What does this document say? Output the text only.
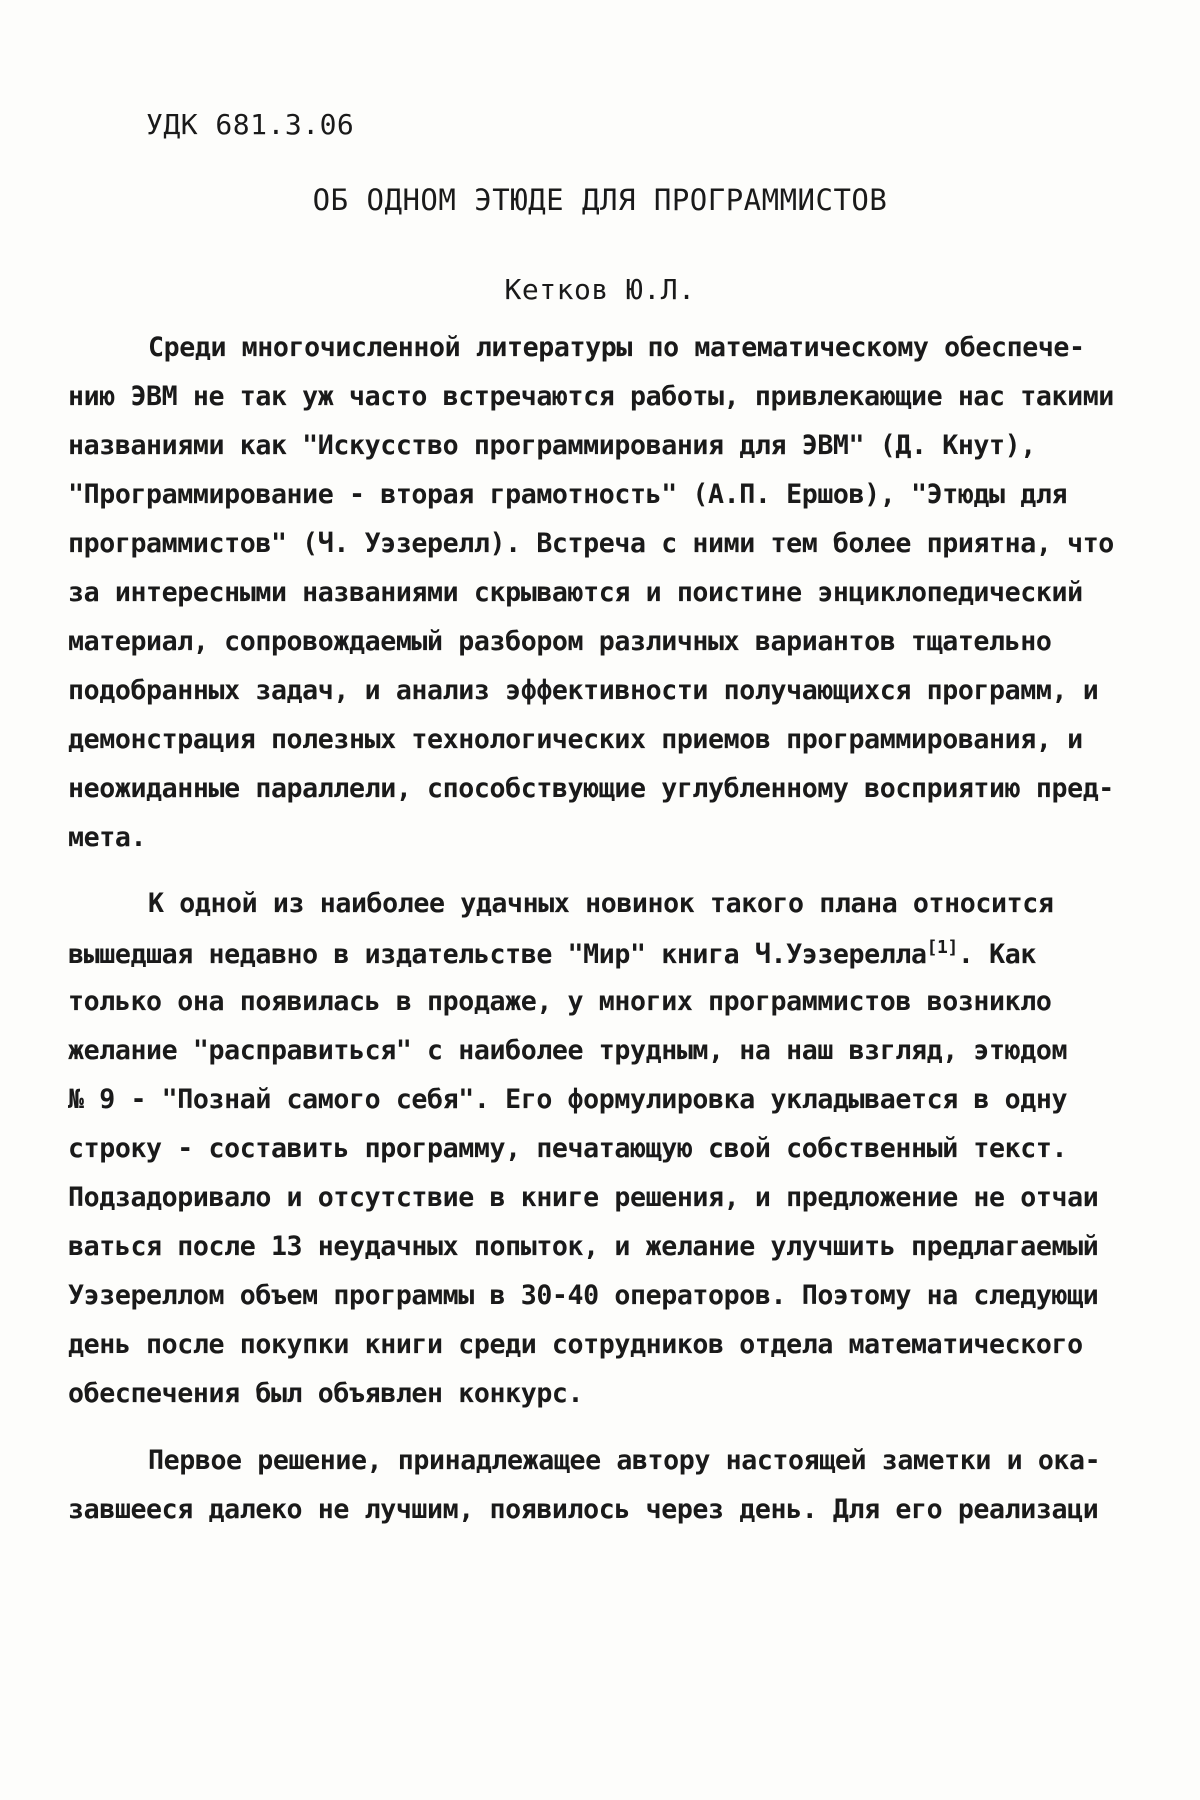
УДК 681.3.06
ОБ ОДНОМ ЭТЮДЕ ДЛЯ ПРОГРАММИСТОВ
Кетков Ю.Л.
Среди многочисленной литературы по математическому обеспече-
нию ЭВМ не так уж часто встречаются работы, привлекающие нас такими
названиями как "Искусство программирования для ЭВМ" (Д. Кнут),
"Программирование - вторая грамотность" (А.П. Ершов), "Этюды для
программистов" (Ч. Уэзерелл). Встреча с ними тем более приятна, что
за интересными названиями скрываются и поистине энциклопедический
материал, сопровождаемый разбором различных вариантов тщательно
подобранных задач, и анализ эффективности получающихся программ, и
демонстрация полезных технологических приемов программирования, и
неожиданные параллели, способствующие углубленному восприятию пред-
мета.
К одной из наиболее удачных новинок такого плана относится
вышедшая недавно в издательстве "Мир" книга Ч.Уэзерелла[1]. Как
только она появилась в продаже, у многих программистов возникло
желание "расправиться" с наиболее трудным, на наш взгляд, этюдом
№ 9 - "Познай самого себя". Его формулировка укладывается в одну
строку - составить программу, печатающую свой собственный текст.
Подзадоривало и отсутствие в книге решения, и предложение не отчаи
ваться после 13 неудачных попыток, и желание улучшить предлагаемый
Уэзереллом объем программы в 30-40 операторов. Поэтому на следующи
день после покупки книги среди сотрудников отдела математического
обеспечения был объявлен конкурс.
Первое решение, принадлежащее автору настоящей заметки и ока-
завшееся далеко не лучшим, появилось через день. Для его реализаци
